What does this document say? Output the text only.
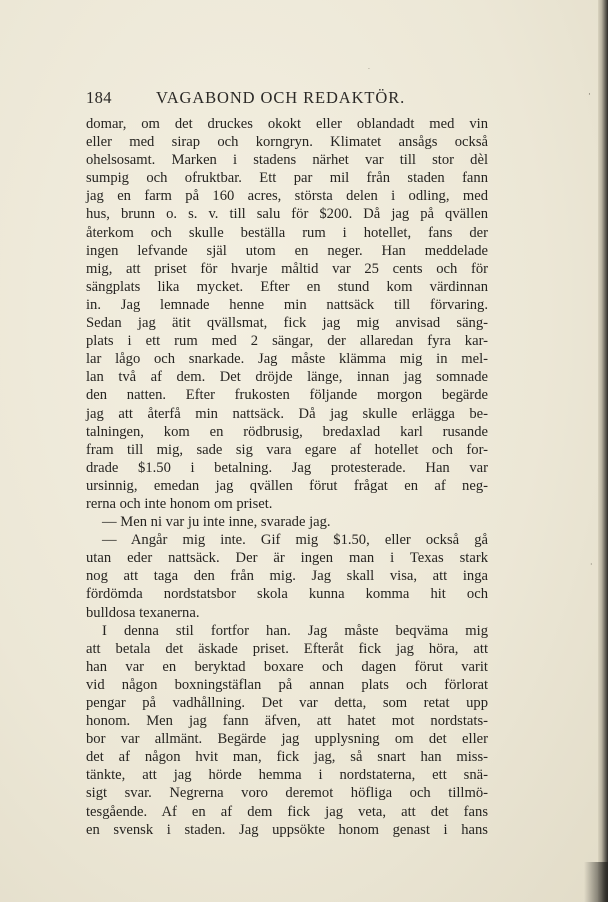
184	VAGABOND OCH REDAKTÖR.
domar, om det druckes okokt eller oblandadt med vin
eller med sirap och korngryn. Klimatet ansågs också
ohelsosamt. Marken i stadens närhet var till stor dèl
sumpig och ofruktbar. Ett par mil från staden fann
jag en farm på 160 acres, största delen i odling, med
hus, brunn o. s. v. till salu för $200. Då jag på qvällen
återkom och skulle beställa rum i hotellet, fans der
ingen lefvande själ utom en neger. Han meddelade
mig, att priset för hvarje måltid var 25 cents och för
sängplats lika mycket. Efter en stund kom värdinnan
in. Jag lemnade henne min nattsäck till förvaring.
Sedan jag ätit qvällsmat, fick jag mig anvisad säng-
plats i ett rum med 2 sängar, der allaredan fyra kar-
lar lågo och snarkade. Jag måste klämma mig in mel-
lan två af dem. Det dröjde länge, innan jag somnade
den natten. Efter frukosten följande morgon begärde
jag att återfå min nattsäck. Då jag skulle erlägga be-
talningen, kom en rödbrusig, bredaxlad karl rusande
fram till mig, sade sig vara egare af hotellet och for-
drade $1.50 i betalning. Jag protesterade. Han var
ursinnig, emedan jag qvällen förut frågat en af neg-
rerna och inte honom om priset.
— Men ni var ju inte inne, svarade jag.
— Angår mig inte. Gif mig $1.50, eller också gå
utan eder nattsäck. Der är ingen man i Texas stark
nog att taga den från mig. Jag skall visa, att inga
fördömda nordstatsbor skola kunna komma hit och
bulldosa texanerna.
I denna stil fortfor han. Jag måste beqväma mig
att betala det äskade priset. Efteråt fick jag höra, att
han var en beryktad boxare och dagen förut varit
vid någon boxningstäflan på annan plats och förlorat
pengar på vadhållning. Det var detta, som retat upp
honom. Men jag fann äfven, att hatet mot nordstats-
bor var allmänt. Begärde jag upplysning om det eller
det af någon hvit man, fick jag, så snart han miss-
tänkte, att jag hörde hemma i nordstaterna, ett snä-
sigt svar. Negrerna voro deremot höfliga och tillmö-
tesgående. Af en af dem fick jag veta, att det fans
en svensk i staden. Jag uppsökte honom genast i hans
·
·
·
